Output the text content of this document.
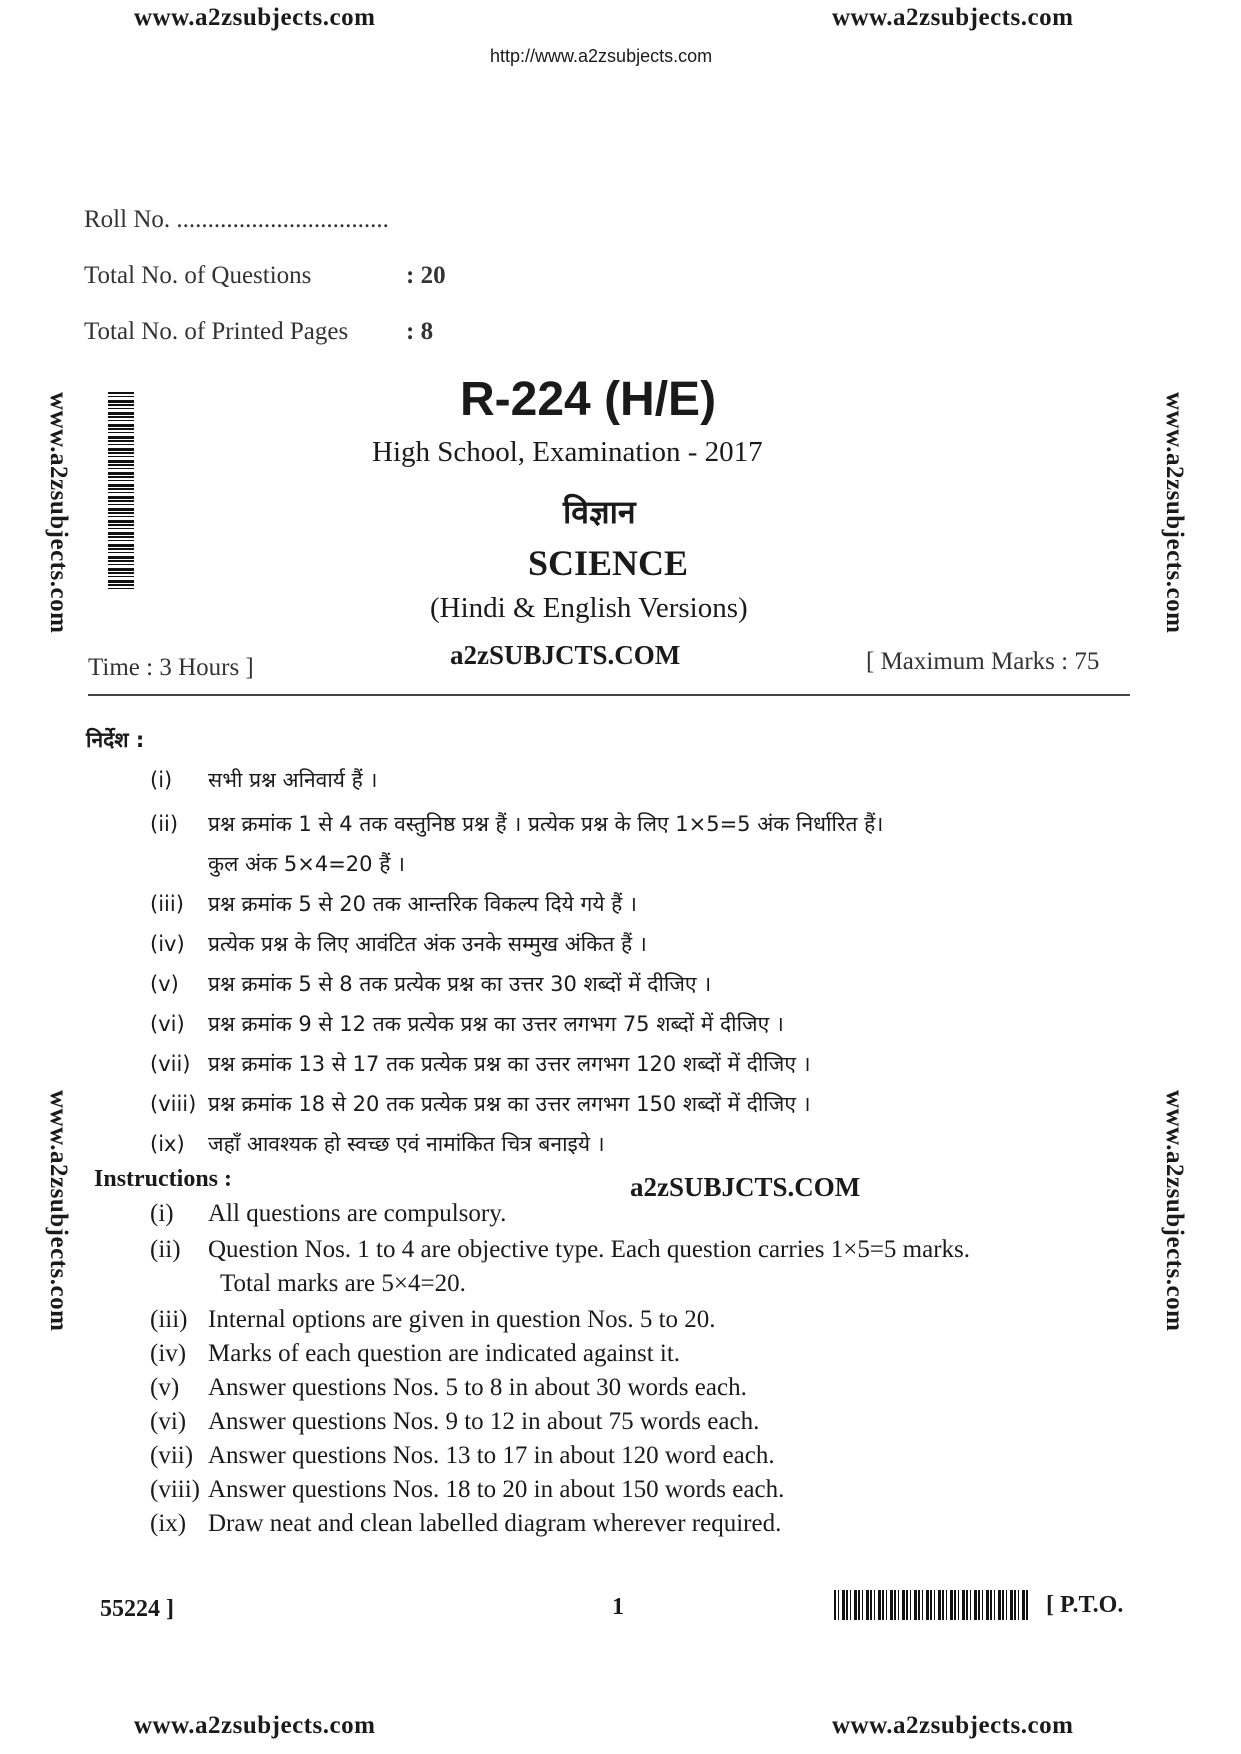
www.a2zsubjects.com	www.a2zsubjects.com
http://www.a2zsubjects.com
www.a2zsubjects.com
www.a2zsubjects.com
www.a2zsubjects.com
www.a2zsubjects.com
Roll No. ..................................
Total No. of Questions	: 20
Total No. of Printed Pages : 8
R-224 (H/E)
High School, Examination - 2017
विज्ञान
SCIENCE
(Hindi & English Versions)
Time : 3 Hours ]	a2zSUBJCTS.COM	[ Maximum Marks : 75
निर्देश :
(i) सभी प्रश्न अनिवार्य हैं ।
(ii) प्रश्न क्रमांक 1 से 4 तक वस्तुनिष्ठ प्रश्न हैं । प्रत्येक प्रश्न के लिए 1×5=5 अंक निर्धारित हैं।
कुल अंक 5×4=20 हैं ।
(iii) प्रश्न क्रमांक 5 से 20 तक आन्तरिक विकल्प दिये गये हैं ।
(iv) प्रत्येक प्रश्न के लिए आवंटित अंक उनके सम्मुख अंकित हैं ।
(v) प्रश्न क्रमांक 5 से 8 तक प्रत्येक प्रश्न का उत्तर 30 शब्दों में दीजिए ।
(vi) प्रश्न क्रमांक 9 से 12 तक प्रत्येक प्रश्न का उत्तर लगभग 75 शब्दों में दीजिए ।
(vii) प्रश्न क्रमांक 13 से 17 तक प्रत्येक प्रश्न का उत्तर लगभग 120 शब्दों में दीजिए ।
(viii) प्रश्न क्रमांक 18 से 20 तक प्रत्येक प्रश्न का उत्तर लगभग 150 शब्दों में दीजिए ।
(ix) जहाँ आवश्यक हो स्वच्छ एवं नामांकित चित्र बनाइये ।
Instructions :	a2zSUBJCTS.COM
(i) All questions are compulsory.
(ii) Question Nos. 1 to 4 are objective type. Each question carries 1×5=5 marks.
Total marks are 5×4=20.
(iii) Internal options are given in question Nos. 5 to 20.
(iv) Marks of each question are indicated against it.
(v) Answer questions Nos. 5 to 8 in about 30 words each.
(vi) Answer questions Nos. 9 to 12 in about 75 words each.
(vii) Answer questions Nos. 13 to 17 in about 120 word each.
(viii) Answer questions Nos. 18 to 20 in about 150 words each.
(ix) Draw neat and clean labelled diagram wherever required.
55224 ]	1	[ P.T.O.
www.a2zsubjects.com	www.a2zsubjects.com
